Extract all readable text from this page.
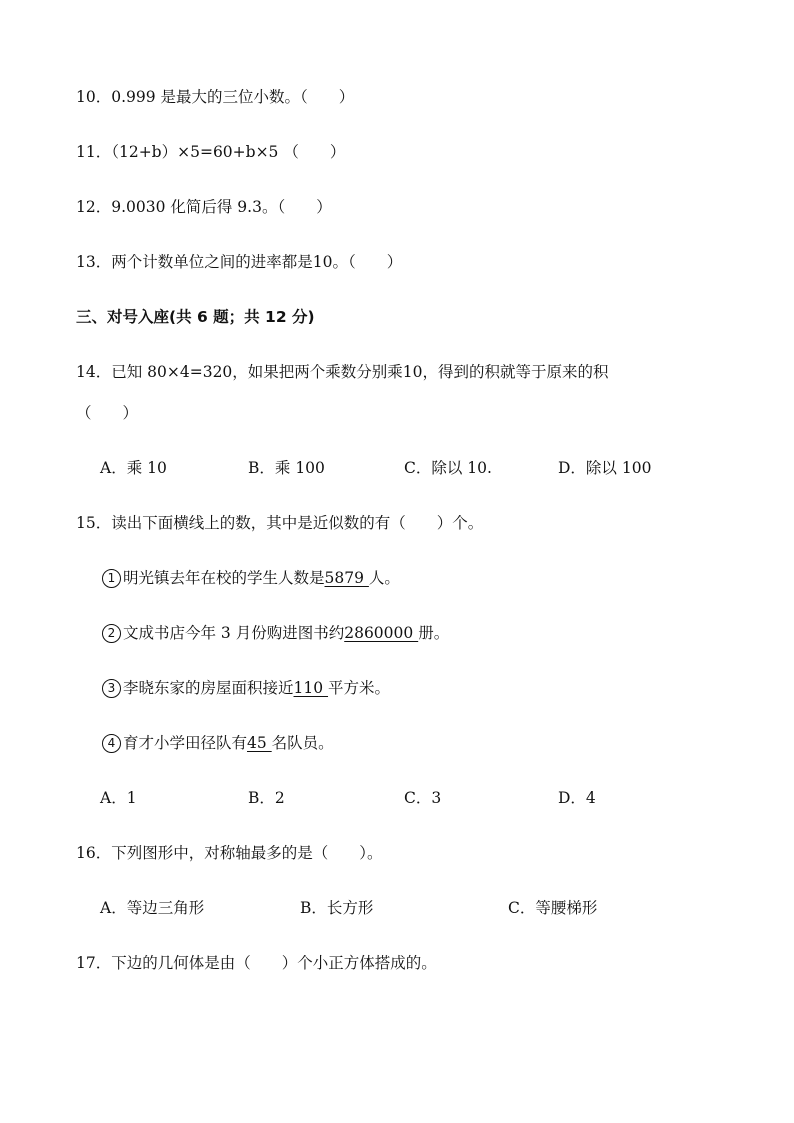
10．0.999 是最大的三位小数。（　　）
11．（12+b）×5=60+b×5 （　　）
12．9.0030 化简后得 9.3。（　　）
13．两个计数单位之间的进率都是10。（　　）
三、对号入座(共 6 题；共 12 分)
14．已知 80×4=320，如果把两个乘数分别乘10，得到的积就等于原来的积
（　　）
A．乘 10	B．乘 100	C．除以 10.	D．除以 100
15．读出下面横线上的数，其中是近似数的有（　　）个。
1 明光镇去年在校的学生人数是5879 人。
2 文成书店今年 3 月份购进图书约2860000 册。
3 李晓东家的房屋面积接近110 平方米。
4 育才小学田径队有45 名队员。
A．1	B．2	C．3	D．4
16．下列图形中，对称轴最多的是（　　）。
A．等边三角形	B．长方形	C．等腰梯形
17．下边的几何体是由（　　）个小正方体搭成的。
